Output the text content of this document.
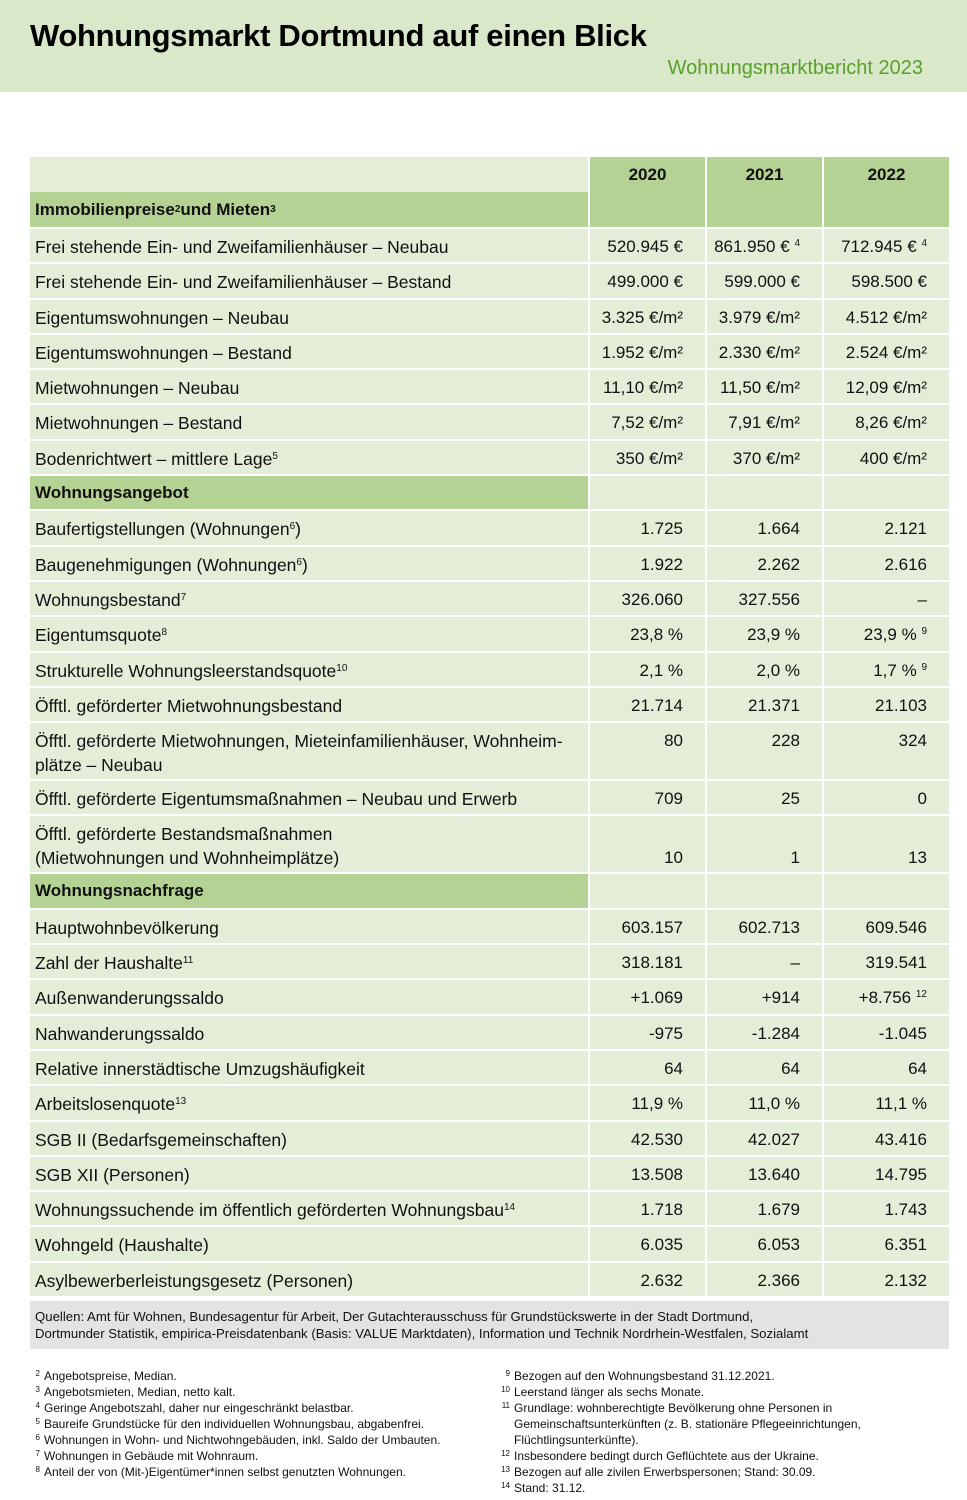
Wohnungsmarkt Dortmund auf einen Blick
Wohnungsmarktbericht 2023
Immobilienpreise 2 und Mieten 3
2020	2021	2022
Frei stehende Ein- und Zweifamilienhäuser – Neubau	520.945 €	861.950 € $^4$	712.945 € $^4$
Frei stehende Ein- und Zweifamilienhäuser – Bestand	499.000 €	599.000 €	598.500 €
Eigentumswohnungen – Neubau	3.325 €/m²	3.979 €/m²	4.512 €/m²
Eigentumswohnungen – Bestand	1.952 €/m²	2.330 €/m²	2.524 €/m²
Mietwohnungen – Neubau	11,10 €/m²	11,50 €/m²	12,09 €/m²
Mietwohnungen – Bestand	7,52 €/m²	7,91 €/m²	8,26 €/m²
Bodenrichtwert – mittlere Lage$^5$	350 €/m²	370 €/m²	400 €/m²
Wohnungsangebot
Baufertigstellungen (Wohnungen$^6$)	1.725	1.664	2.121
Baugenehmigungen (Wohnungen$^6$)	1.922	2.262	2.616
Wohnungsbestand$^7$	326.060	327.556	–
Eigentumsquote$^8$	23,8 %	23,9 %	23,9 % $^9$
Strukturelle Wohnungsleerstandsquote$^{10}$	2,1 %	2,0 %	1,7 % $^9$
Öfftl. geförderter Mietwohnungsbestand	21.714	21.371	21.103
Öfftl. geförderte Mietwohnungen, Mieteinfamilienhäuser, Wohnheim-
plätze – Neubau
80	228	324
Öfftl. geförderte Eigentumsmaßnahmen – Neubau und Erwerb	709	25	0
Öfftl. geförderte Bestandsmaßnahmen
(Mietwohnungen und Wohnheimplätze)	10	1	13
Wohnungsnachfrage
Hauptwohnbevölkerung	603.157	602.713	609.546
Zahl der Haushalte$^{11}$	318.181	–	319.541
Außenwanderungssaldo	+1.069	+914	+8.756 $^{12}$
Nahwanderungssaldo	-975	-1.284	-1.045
Relative innerstädtische Umzugshäufigkeit	64	64	64
Arbeitslosenquote$^{13}$	11,9 %	11,0 %	11,1 %
SGB II (Bedarfsgemeinschaften)	42.530	42.027	43.416
SGB XII (Personen)	13.508	13.640	14.795
Wohnungssuchende im öffentlich geförderten Wohnungsbau$^{14}$	1.718	1.679	1.743
Wohngeld (Haushalte)	6.035	6.053	6.351
Asylbewerberleistungsgesetz (Personen)	2.632	2.366	2.132
Quellen: Amt für Wohnen, Bundesagentur für Arbeit, Der Gutachterausschuss für Grundstückswerte in der Stadt Dortmund,
Dortmunder Statistik, empirica-Preisdatenbank (Basis: VALUE Marktdaten), Information und Technik Nordrhein-Westfalen, Sozialamt
2 Angebotspreise, Median.
3 Angebotsmieten, Median, netto kalt.
4 Geringe Angebotszahl, daher nur eingeschränkt belastbar.
5 Baureife Grundstücke für den individuellen Wohnungsbau, abgabenfrei.
6 Wohnungen in Wohn- und Nichtwohngebäuden, inkl. Saldo der Umbauten.
7 Wohnungen in Gebäude mit Wohnraum.
8 Anteil der von (Mit-)Eigentümer*innen selbst genutzten Wohnungen.
9 Bezogen auf den Wohnungsbestand 31.12.2021.
10 Leerstand länger als sechs Monate.
11 Grundlage: wohnberechtigte Bevölkerung ohne Personen in Gemeinschaftsunterkünften (z. B. stationäre Pflegeeinrichtungen, Flüchtlingsunterkünfte).
12 Insbesondere bedingt durch Geflüchtete aus der Ukraine.
13 Bezogen auf alle zivilen Erwerbspersonen; Stand: 30.09.
14 Stand: 31.12.
